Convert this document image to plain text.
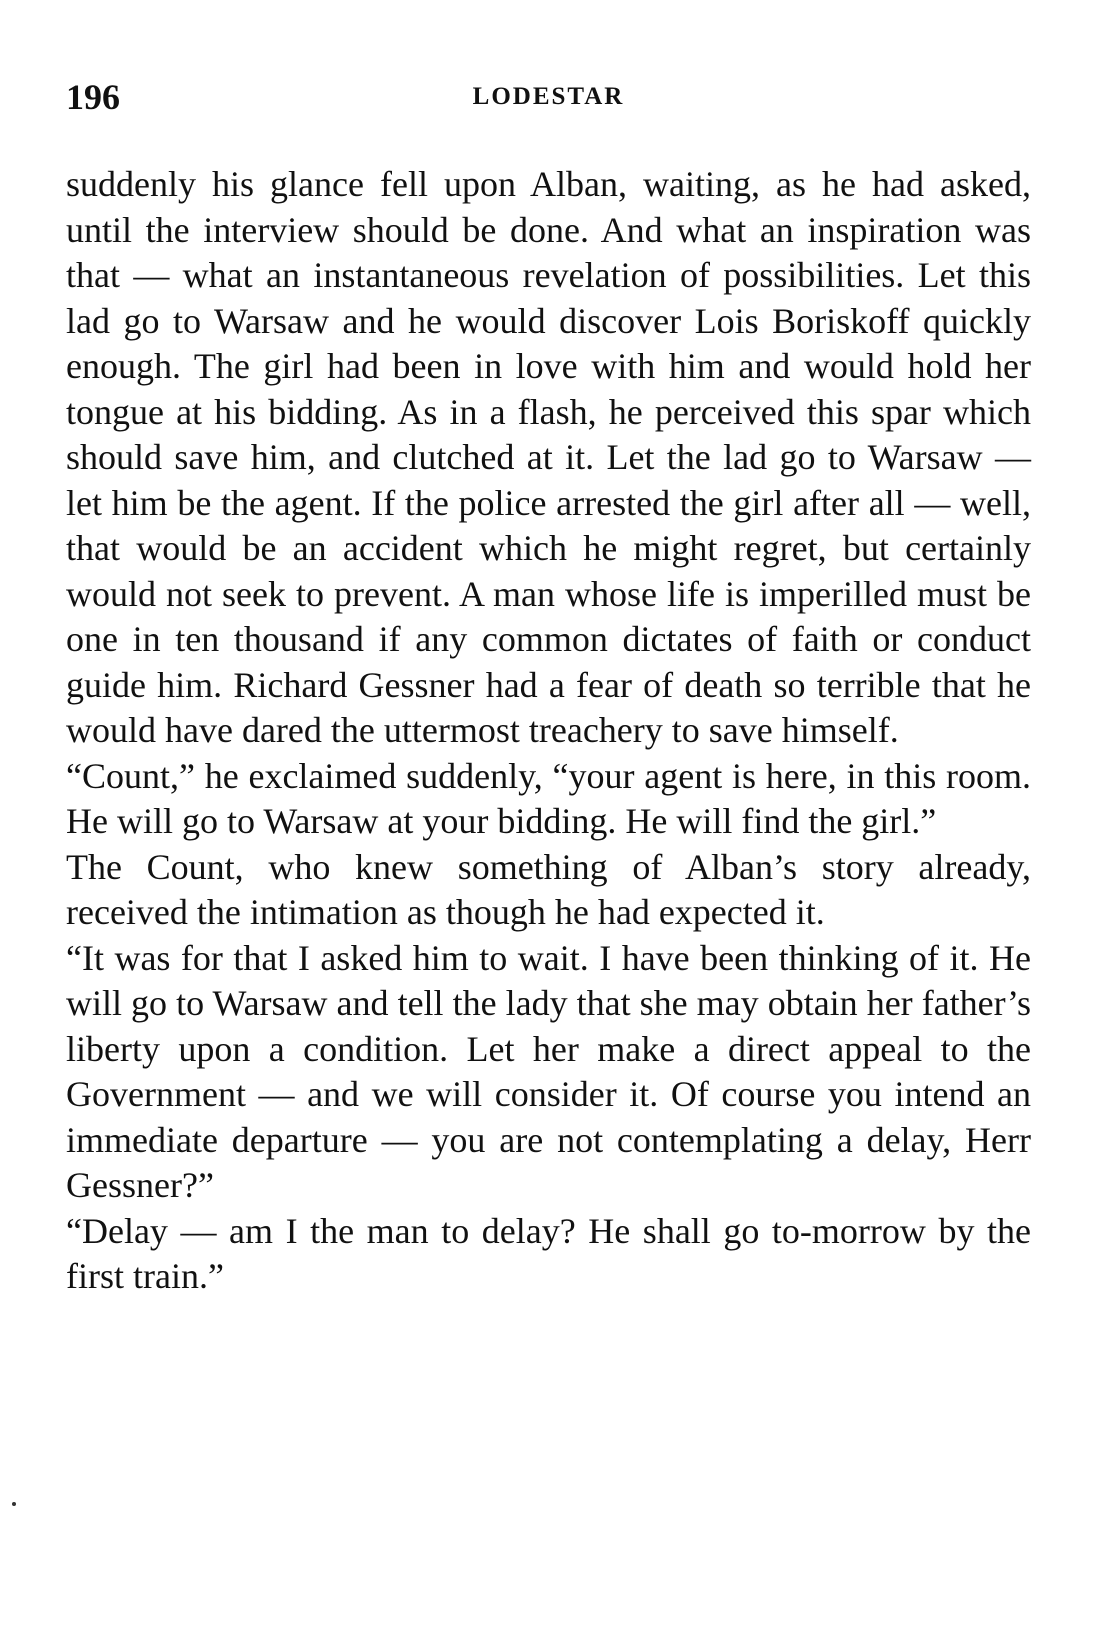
196	LODESTAR

suddenly his glance fell upon Alban, waiting, as he had asked, until the interview should be done. And what an inspiration was that — what an instantaneous revelation of possibilities. Let this lad go to Warsaw and he would discover Lois Boriskoff quickly enough. The girl had been in love with him and would hold her tongue at his bidding. As in a flash, he perceived this spar which should save him, and clutched at it. Let the lad go to Warsaw — let him be the agent. If the police arrested the girl after all — well, that would be an accident which he might regret, but certainly would not seek to prevent. A man whose life is imperilled must be one in ten thousand if any common dictates of faith or conduct guide him. Richard Gessner had a fear of death so terrible that he would have dared the uttermost treachery to save himself.

“Count,” he exclaimed suddenly, “your agent is here, in this room. He will go to Warsaw at your bidding. He will find the girl.”

The Count, who knew something of Alban’s story already, received the intimation as though he had expected it.

“It was for that I asked him to wait. I have been thinking of it. He will go to Warsaw and tell the lady that she may obtain her father’s liberty upon a condition. Let her make a direct appeal to the Government — and we will consider it. Of course you intend an immediate departure — you are not contemplating a delay, Herr Gessner?”

“Delay — am I the man to delay? He shall go to-morrow by the first train.”
